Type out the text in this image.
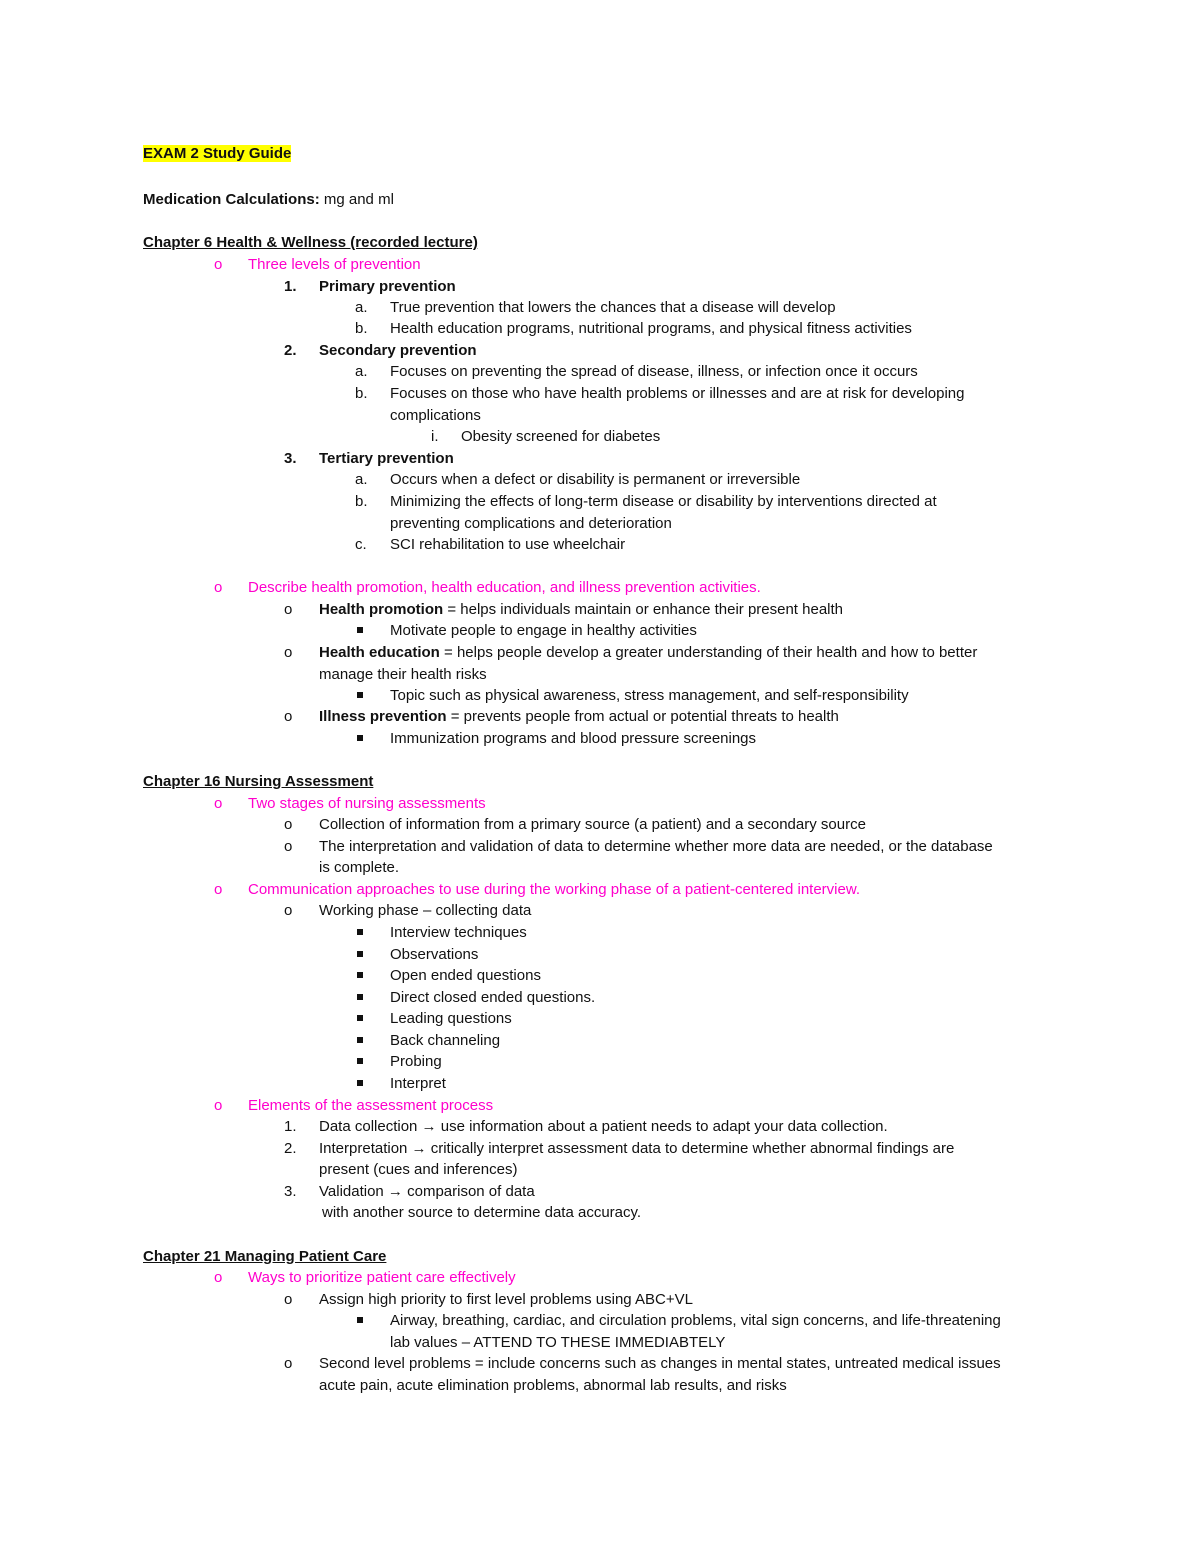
EXAM 2 Study Guide
Medication Calculations: mg and ml
Chapter 6 Health & Wellness (recorded lecture)
o Three levels of prevention
1. Primary prevention
a. True prevention that lowers the chances that a disease will develop
b. Health education programs, nutritional programs, and physical fitness activities
2. Secondary prevention
a. Focuses on preventing the spread of disease, illness, or infection once it occurs
b. Focuses on those who have health problems or illnesses and are at risk for developing
complications
i. Obesity screened for diabetes
3. Tertiary prevention
a. Occurs when a defect or disability is permanent or irreversible
b. Minimizing the effects of long-term disease or disability by interventions directed at
preventing complications and deterioration
c. SCI rehabilitation to use wheelchair
o Describe health promotion, health education, and illness prevention activities.
o Health promotion = helps individuals maintain or enhance their present health
Motivate people to engage in healthy activities
o Health education = helps people develop a greater understanding of their health and how to better
manage their health risks
Topic such as physical awareness, stress management, and self-responsibility
o Illness prevention = prevents people from actual or potential threats to health
Immunization programs and blood pressure screenings
Chapter 16 Nursing Assessment
o Two stages of nursing assessments
o Collection of information from a primary source (a patient) and a secondary source
o The interpretation and validation of data to determine whether more data are needed, or the database
is complete.
o Communication approaches to use during the working phase of a patient-centered interview.
o Working phase – collecting data
Interview techniques
Observations
Open ended questions
Direct closed ended questions.
Leading questions
Back channeling
Probing
Interpret
o Elements of the assessment process
1. Data collection → use information about a patient needs to adapt your data collection.
2. Interpretation → critically interpret assessment data to determine whether abnormal findings are
present (cues and inferences)
3. Validation → comparison of data
with another source to determine data accuracy.
Chapter 21 Managing Patient Care
o Ways to prioritize patient care effectively
o Assign high priority to first level problems using ABC+VL
Airway, breathing, cardiac, and circulation problems, vital sign concerns, and life-threatening
lab values – ATTEND TO THESE IMMEDIABTELY
o Second level problems = include concerns such as changes in mental states, untreated medical issues
acute pain, acute elimination problems, abnormal lab results, and risks
